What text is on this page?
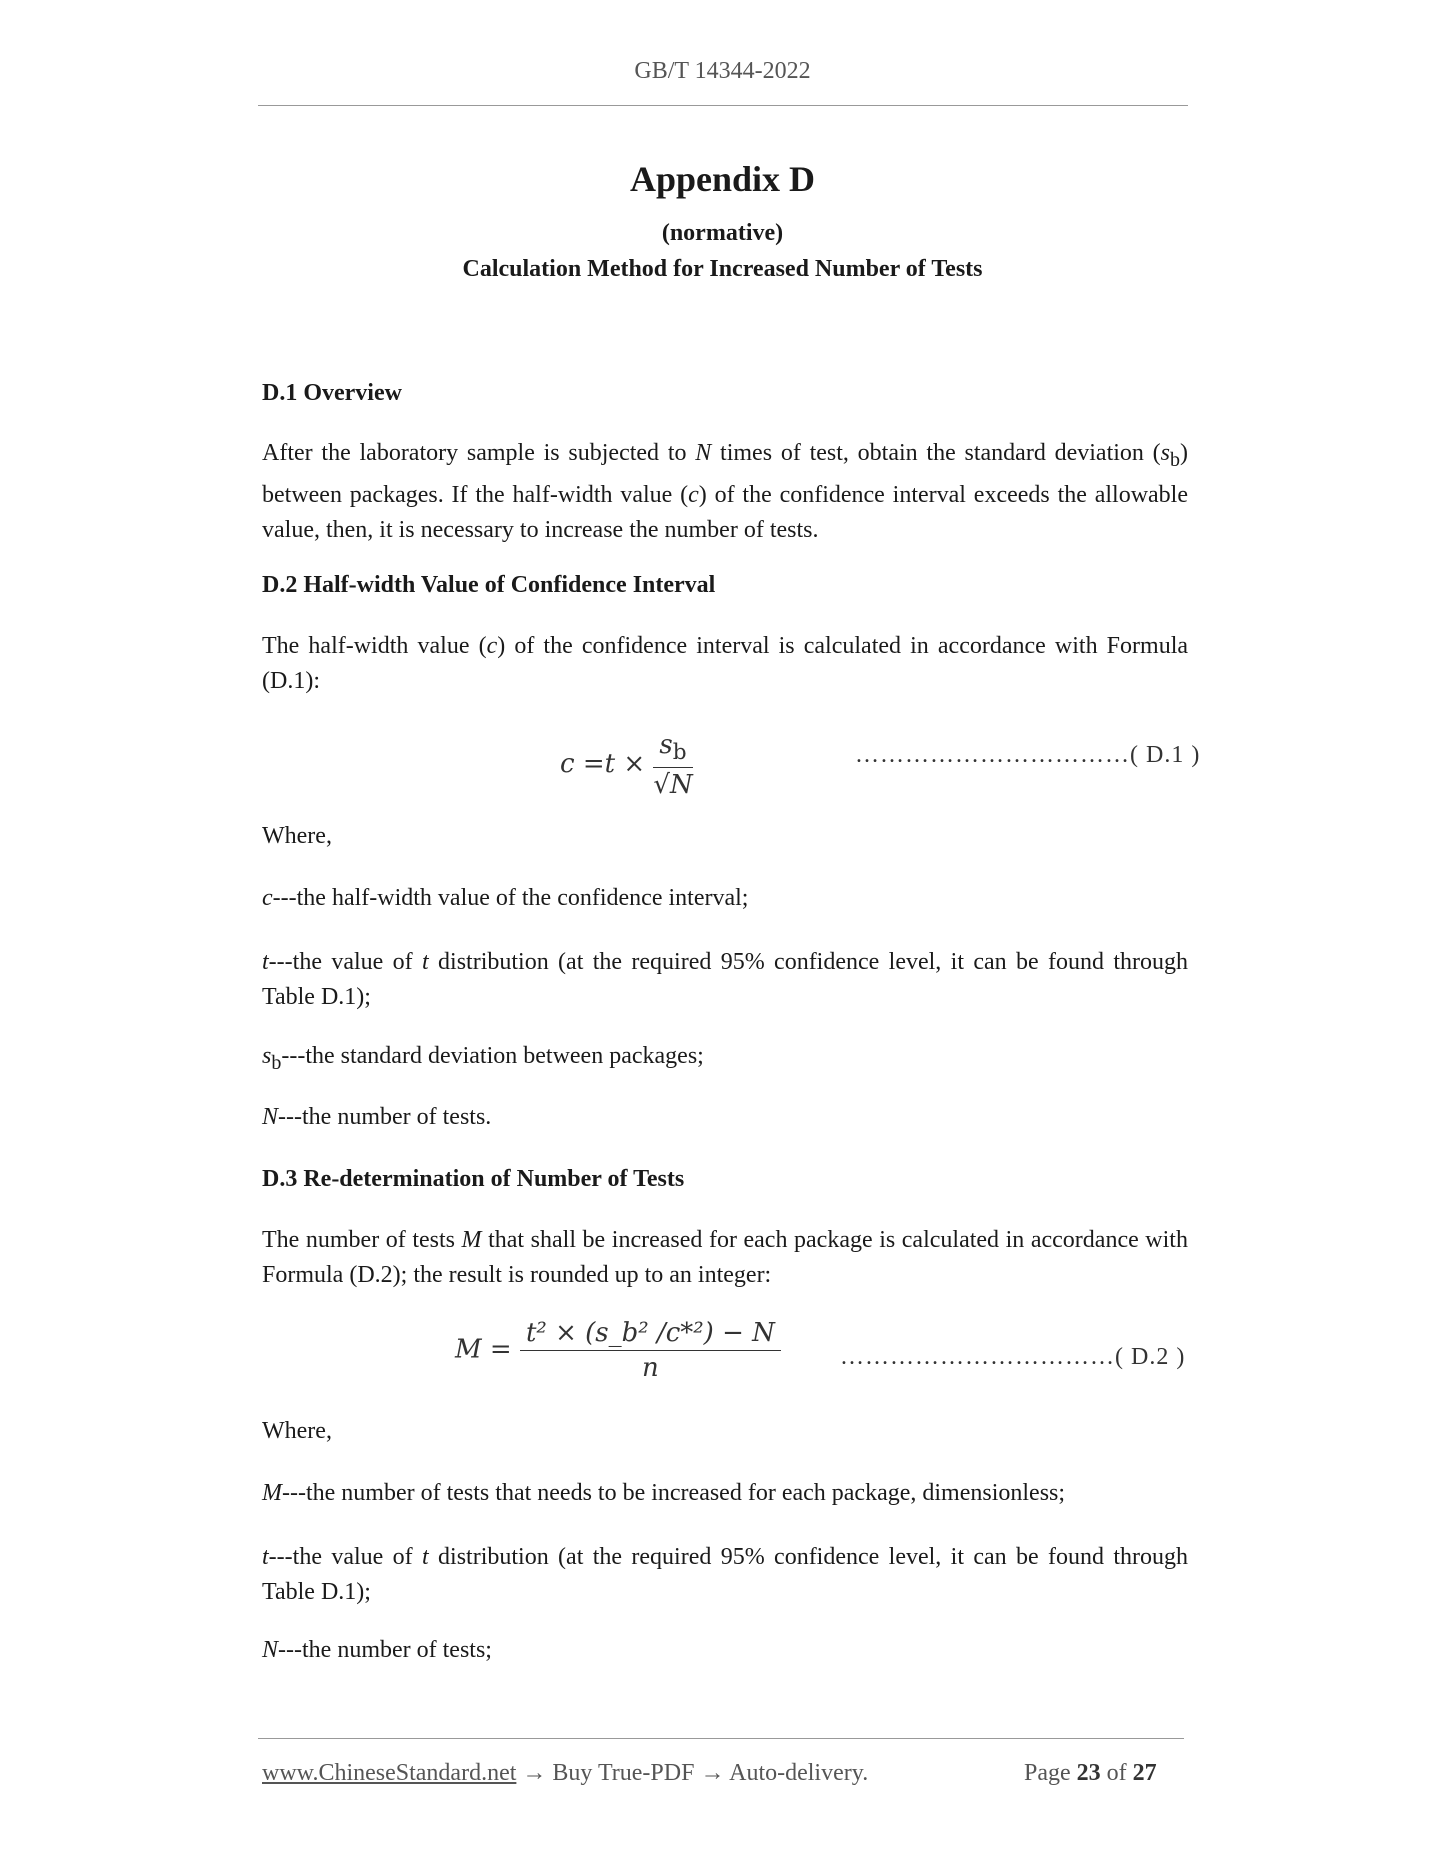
GB/T 14344-2022
Appendix D
(normative)
Calculation Method for Increased Number of Tests
D.1 Overview
After the laboratory sample is subjected to N times of test, obtain the standard deviation $(s_b)$ between packages. If the half-width value (c) of the confidence interval exceeds the allowable value, then, it is necessary to increase the number of tests.
D.2 Half-width Value of Confidence Interval
The half-width value (c) of the confidence interval is calculated in accordance with Formula (D.1):
$c =t \times \frac{s_b}{√N}$	……………………………( D.1 )
Where,
c---the half-width value of the confidence interval;
t---the value of t distribution (at the required 95% confidence level, it can be found through Table D.1);
$s_b--$-the standard deviation between packages;
N---the number of tests.
D.3 Re-determination of Number of Tests
The number of tests M that shall be increased for each package is calculated in accordance with Formula (D.2); the result is rounded up to an integer:
$M = \frac{\text{t² × (s\_b² /c*²) − N}}{n}$ ……………………………( D.2 )
Where,
M---the number of tests that needs to be increased for each package, dimensionless;
t---the value of t distribution (at the required 95% confidence level, it can be found through Table D.1);
N---the number of tests;
www.ChineseStandard.net → Buy True-PDF → Auto-delivery.	Page 23 of 27
